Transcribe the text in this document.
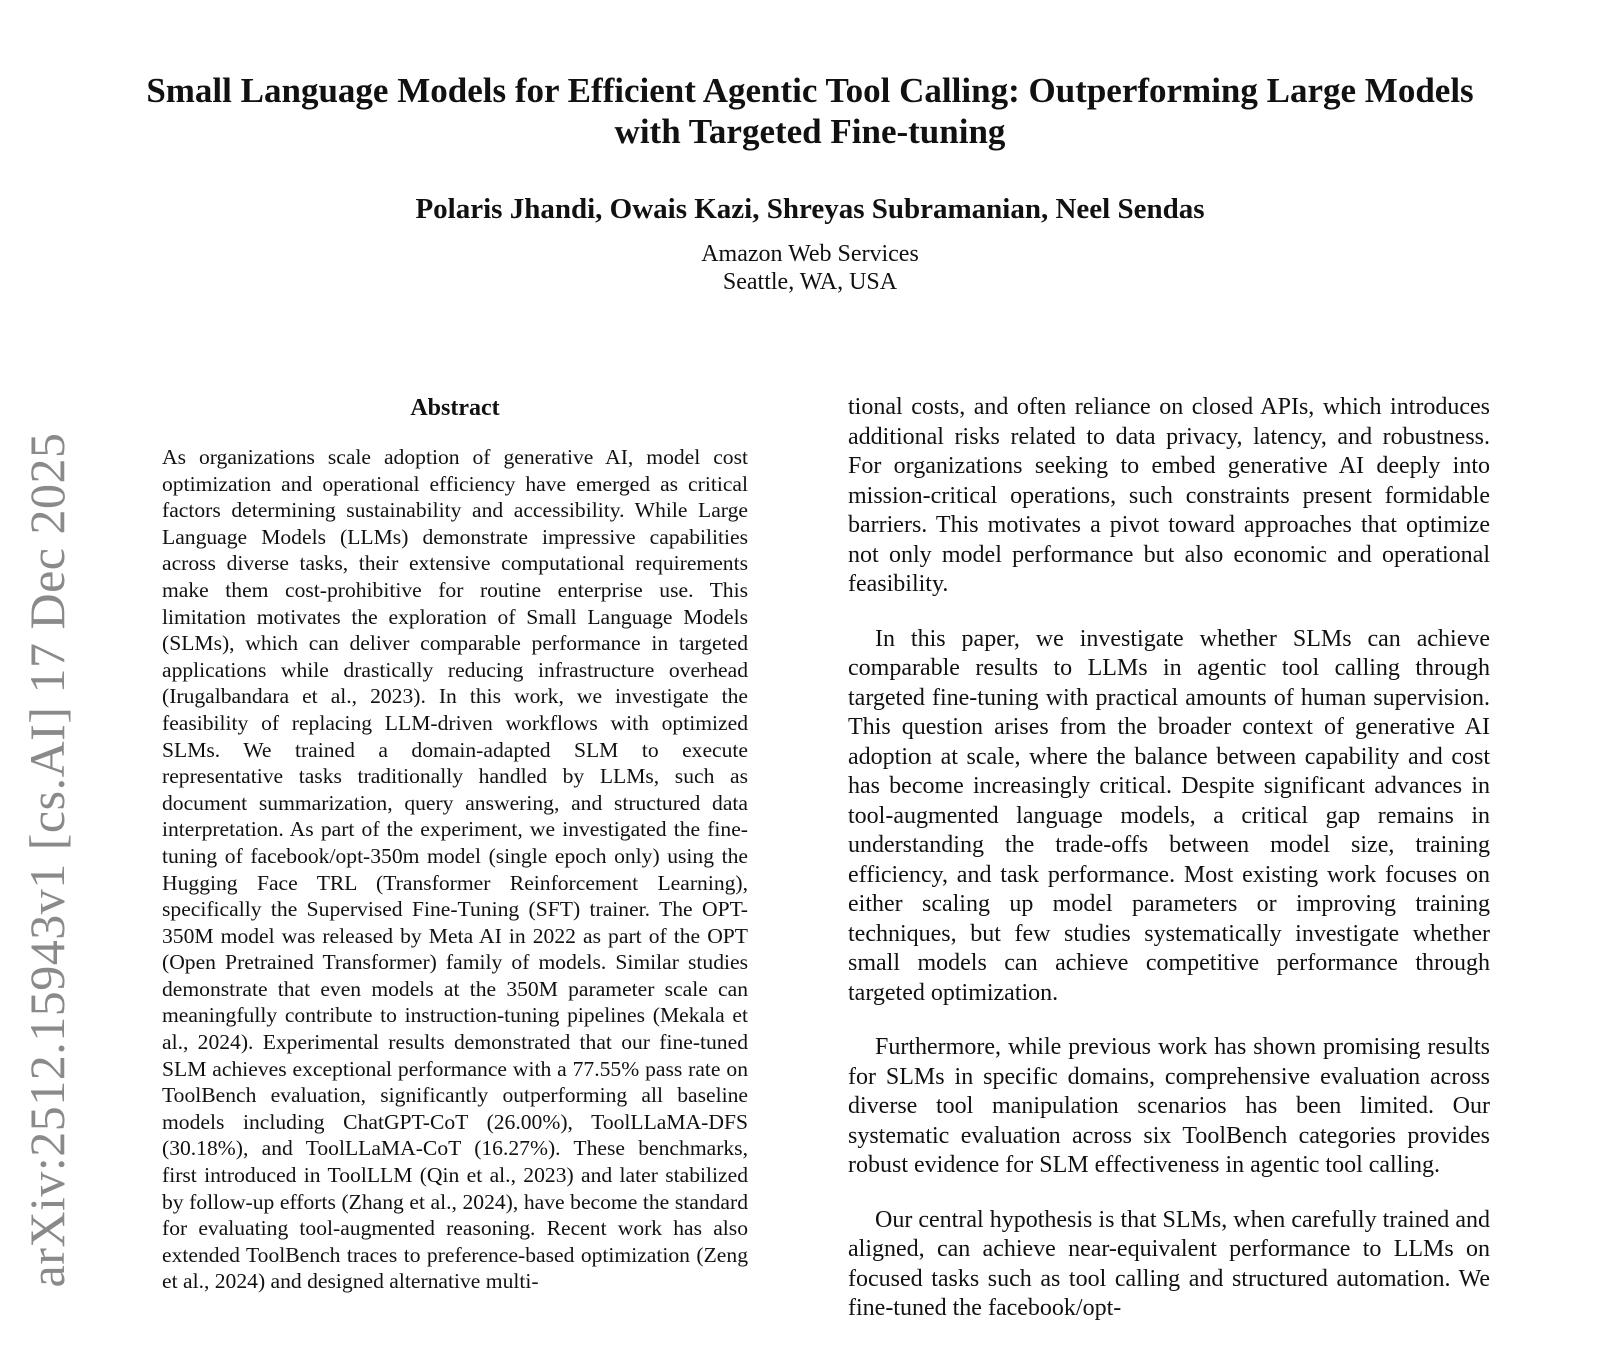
arXiv:2512.15943v1 [cs.AI] 17 Dec 2025
Small Language Models for Efficient Agentic Tool Calling: Outperforming Large Models with Targeted Fine-tuning
Polaris Jhandi, Owais Kazi, Shreyas Subramanian, Neel Sendas
Amazon Web Services
Seattle, WA, USA
Abstract
As organizations scale adoption of generative AI, model cost optimization and operational efficiency have emerged as critical factors determining sustainability and accessibility. While Large Language Models (LLMs) demonstrate impressive capabilities across diverse tasks, their extensive computational requirements make them cost-prohibitive for routine enterprise use. This limitation motivates the exploration of Small Language Models (SLMs), which can deliver comparable performance in targeted applications while drastically reducing infrastructure overhead (Irugalbandara et al., 2023). In this work, we investigate the feasibility of replacing LLM-driven workflows with optimized SLMs. We trained a domain-adapted SLM to execute representative tasks traditionally handled by LLMs, such as document summarization, query answering, and structured data interpretation. As part of the experiment, we investigated the fine-tuning of facebook/opt-350m model (single epoch only) using the Hugging Face TRL (Transformer Reinforcement Learning), specifically the Supervised Fine-Tuning (SFT) trainer. The OPT-350M model was released by Meta AI in 2022 as part of the OPT (Open Pretrained Transformer) family of models. Similar studies demonstrate that even models at the 350M parameter scale can meaningfully contribute to instruction-tuning pipelines (Mekala et al., 2024). Experimental results demonstrated that our fine-tuned SLM achieves exceptional performance with a 77.55% pass rate on ToolBench evaluation, significantly outperforming all baseline models including ChatGPT-CoT (26.00%), ToolLLaMA-DFS (30.18%), and ToolLLaMA-CoT (16.27%). These benchmarks, first introduced in ToolLLM (Qin et al., 2023) and later stabilized by follow-up efforts (Zhang et al., 2024), have become the standard for evaluating tool-augmented reasoning. Recent work has also extended ToolBench traces to preference-based optimization (Zeng et al., 2024) and designed alternative multi-

tional costs, and often reliance on closed APIs, which introduces additional risks related to data privacy, latency, and robustness. For organizations seeking to embed generative AI deeply into mission-critical operations, such constraints present formidable barriers. This motivates a pivot toward approaches that optimize not only model performance but also economic and operational feasibility.

In this paper, we investigate whether SLMs can achieve comparable results to LLMs in agentic tool calling through targeted fine-tuning with practical amounts of human supervision. This question arises from the broader context of generative AI adoption at scale, where the balance between capability and cost has become increasingly critical. Despite significant advances in tool-augmented language models, a critical gap remains in understanding the trade-offs between model size, training efficiency, and task performance. Most existing work focuses on either scaling up model parameters or improving training techniques, but few studies systematically investigate whether small models can achieve competitive performance through targeted optimization.

Furthermore, while previous work has shown promising results for SLMs in specific domains, comprehensive evaluation across diverse tool manipulation scenarios has been limited. Our systematic evaluation across six ToolBench categories provides robust evidence for SLM effectiveness in agentic tool calling.

Our central hypothesis is that SLMs, when carefully trained and aligned, can achieve near-equivalent performance to LLMs on focused tasks such as tool calling and structured automation. We fine-tuned the facebook/opt-
